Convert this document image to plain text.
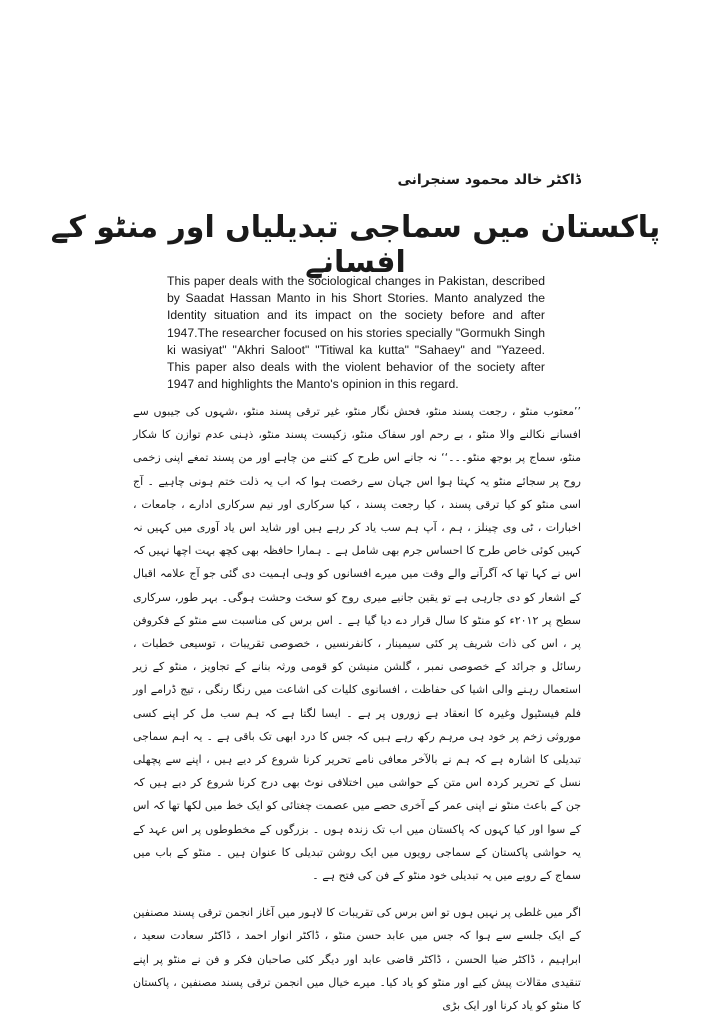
ڈاکٹر خالد محمود سنجرانی
پاکستان میں سماجی تبدیلیاں اور منٹو کے افسانے

This paper deals with the sociological changes in Pakistan, described by Saadat Hassan Manto in his Short Stories. Manto analyzed the Identity situation and its impact on the society before and after 1947.The researcher focused on his stories specially "Gormukh Singh ki wasiyat" "Akhri Saloot" "Titiwal ka kutta" "Sahaey" and "Yazeed. This paper also deals with the violent behavior of the society after 1947 and highlights the Manto's opinion in this regard.

’’معتوب منٹو ، رجعت پسند منٹو، فحش نگار منٹو، غیر ترقی پسند منٹو، ،شہوں کی جیبوں سے افسانے نکالنے والا منٹو ، بے رحم اور سفاک منٹو، زکیست پسند منٹو، ذہنی عدم توازن کا شکار منٹو، سماج پر بوجھ منٹو۔۔۔‘‘ نہ جانے اس طرح کے کتنے من چاہے اور من پسند تمغے اپنی زخمی روح پر سجائے منٹو یہ کہتا ہوا اس جہان سے رخصت ہوا کہ اب یہ ذلت ختم ہونی چاہیے ۔ آج اسی منٹو کو کیا ترقی پسند ، کیا رجعت پسند ، کیا سرکاری اور نیم سرکاری ادارے ، جامعات ، اخبارات ، ٹی وی چینلز ، ہم ، آپ ہم سب یاد کر رہے ہیں اور شاید اس یاد آوری میں کہیں نہ کہیں کوئی خاص طرح کا احساس جرم بھی شامل ہے ۔ ہمارا حافظہ بھی کچھ بہت اچھا نہیں کہ اس نے کہا تھا کہ آگرآنے والے وقت میں میرے افسانوں کو وہی اہمیت دی گئی جو آج علامہ اقبال کے اشعار کو دی جارہی ہے تو یقین جانیے میری روح کو سخت وحشت ہوگی۔ بہر طور، سرکاری سطح پر ۲۰۱۲ء کو منٹو کا سال قرار دے دیا گیا ہے ۔ اس برس کی مناسبت سے منٹو کے فکروفن پر ، اس کی ذات شریف پر کئی سیمینار ، کانفرنسیں ، خصوصی تقریبات ، توسیعی خطبات ، رسائل و جرائد کے خصوصی نمبر ، گلشن منیشن کو قومی ورثہ بنانے کے تجاویز ، منٹو کے زیر استعمال رہنے والی اشیا کی حفاظت ، افسانوی کلیات کی اشاعت میں رنگا رنگی ، تیج ڈرامے اور فلم فیسٹیول وغیرہ کا انعقاد ہے زوروں پر ہے ۔ ایسا لگتا ہے کہ ہم سب مل کر اپنے کسی موروثی زخم پر خود ہی مرہم رکھ رہے ہیں کہ جس کا درد ابھی تک باقی ہے ۔ یہ اہم سماجی تبدیلی کا اشارہ ہے کہ ہم نے بالآخر معافی نامے تحریر کرنا شروع کر دیے ہیں ، اپنے سے پچھلی نسل کے تحریر کردہ اس متن کے حواشی میں اختلافی نوٹ بھی درج کرنا شروع کر دیے ہیں کہ جن کے باعث منٹو نے اپنی عمر کے آخری حصے میں عصمت چغتائی کو ایک خط میں لکھا تھا کہ اس کے سوا اور کیا کہوں کہ پاکستان میں اب تک زندہ ہوں ۔ بزرگوں کے مخطوطوں پر اس عہد کے یہ حواشی پاکستان کے سماجی رویوں میں ایک روشن تبدیلی کا عنوان ہیں ۔ منٹو کے باب میں سماج کے رویے میں یہ تبدیلی خود منٹو کے فن کی فتح ہے ۔

اگر میں غلطی پر نہیں ہوں تو اس برس کی تقریبات کا لاہور میں آغاز انجمن ترقی پسند مصنفین کے ایک جلسے سے ہوا کہ جس میں عابد حسن منٹو ، ڈاکٹر انوار احمد ، ڈاکٹر سعادت سعید ، ابراہیم ، ڈاکٹر ضیا الحسن ، ڈاکٹر قاضی عابد اور دیگر کئی صاحبان فکر و فن نے منٹو پر اپنے تنقیدی مقالات پیش کیے اور منٹو کو یاد کیا۔ میرے خیال میں انجمن ترقی پسند مصنفین ، پاکستان کا منٹو کو یاد کرنا اور ایک بڑی
